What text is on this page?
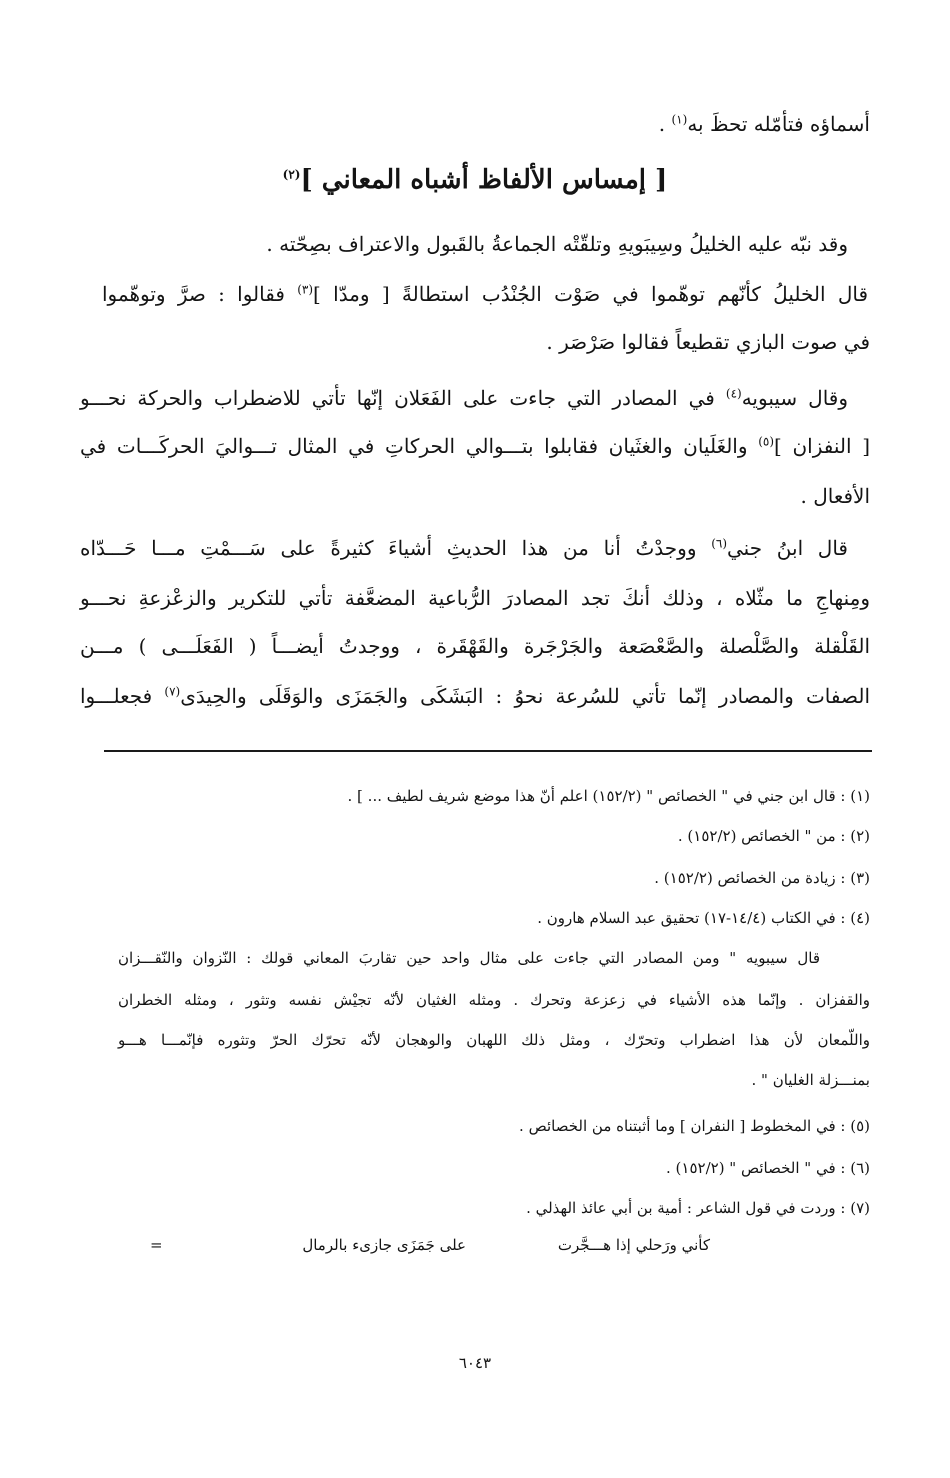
أسماؤه فتأمّله تحظَ به$^{(١)}$ .
[ إمساس الألفاظ أشباه المعاني ]$^{(٢)}$
وقد نبّه عليه الخليلُ وسِيبَويهِ وتلقّتْه الجماعةُ بالقَبول والاعتراف بصِحّته .
قال الخليلُ كأنّهم توهّموا في صَوْت الجُنْدُب استطالةً [ ومدّا ]$^{(٣)}$ فقالوا : صرَّ وتوهّموا
في صوت البازي تقطيعاً فقالوا صَرْصَر .
وقال سيبويه$^{(٤)}$ في المصادر التي جاءت على الفَعَلان إنّها تأتي للاضطراب والحركة نحـــو
[ النفزان ]$^{(٥)}$ والغَلَيان والغثَيان فقابلوا بتـــوالي الحركاتِ في المثال تـــواليَ الحركَـــات في
الأفعال .
قال ابنُ جني$^{(٦)}$ ووجدْتُ أنا من هذا الحديثِ أشياءَ كثيرةً على سَـــمْتِ مـــا حَـــدّاه
ومِنهاجِ ما مثّلاه ، وذلك أنكَ تجد المصادرَ الرُّباعية المضعَّفة تأتي للتكرير والزعْزعةِ نحـــو
القَلْقلة والصَّلْصلة والصَّعْصَعة والجَرْجَرة والقَهْقَرة ، ووجدتُ أيضـــاً ( الفَعَلَـــى ) مـــن
الصفات والمصادر إنّما تأتي للسُرعة نحوُ : البَشَكَى والجَمَزَى والوَقَلَى والحِيدَى$^{(٧)}$ فجعلـــوا
(١) : قال ابن جني في " الخصائص " (١٥٢/٢) اعلم أنّ هذا موضع شريف لطيف ... ] .
(٢) : من " الخصائص (١٥٢/٢) .
(٣) : زيادة من الخصائص (١٥٢/٢) .
(٤) : في الكتاب (١٤/٤-١٧) تحقيق عبد السلام هارون .
قال سيبويه " ومن المصادر التي جاءت على مثال واحد حين تقاربَ المعاني قولك : النّزوان والنّقـــزان
والقفزان . وإنّما هذه الأشياء في زعزعة وتحرك . ومثله الغثيان لأنّه تجيْش نفسه وتثور ، ومثله الخطران
واللّمعان لأن هذا اضطراب وتحرّك ، ومثل ذلك اللهبان والوهجان لأنّه تحرّك الحرّ وتثوره فإنّمـــا هـــو
بمنـــزلة الغليان " .
(٥) : في المخطوط [ النفران ] وما أثبتناه من الخصائص .
(٦) : في " الخصائص " (١٥٢/٢) .
(٧) : وردت في قول الشاعر : أمية بن أبي عائذ الهذلي .
كأني ورَحلي إذا هـــجَّرت
على جَمَزَى جازىء بالرمال
=
٦٠٤٣
